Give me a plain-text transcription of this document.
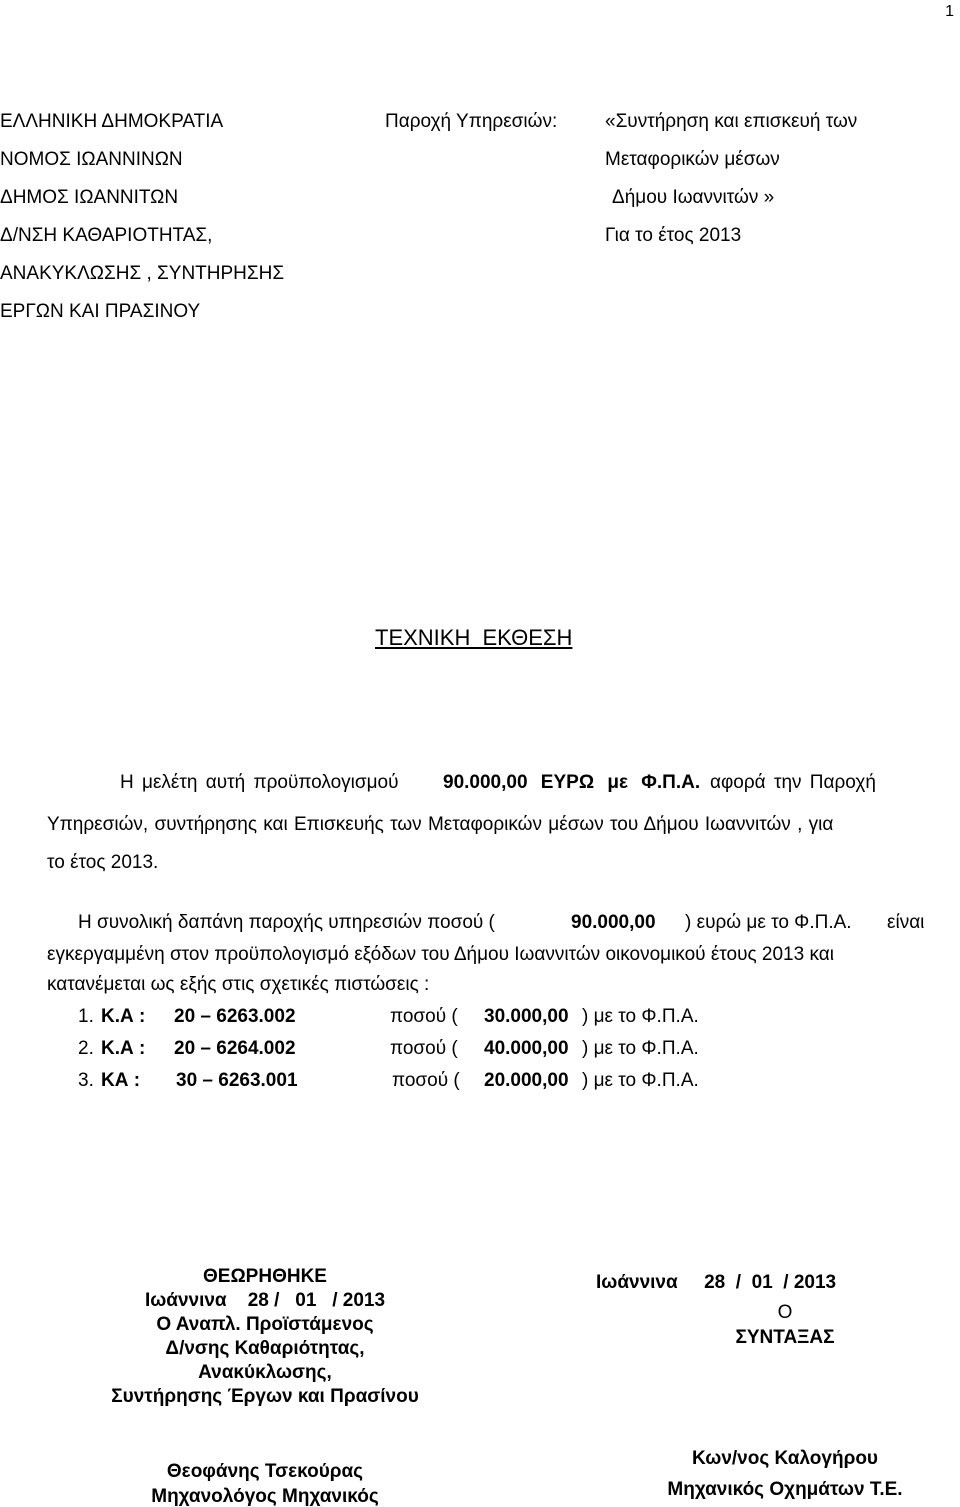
1
ΕΛΛΗΝΙΚΗ ΔΗΜΟΚΡΑΤΙΑ
ΝΟΜΟΣ ΙΩΑΝΝΙΝΩΝ
ΔΗΜΟΣ ΙΩΑΝΝΙΤΩΝ
Δ/ΝΣΗ ΚΑΘΑΡΙΟΤΗΤΑΣ,
ΑΝΑΚΥΚΛΩΣΗΣ , ΣΥΝΤΗΡΗΣΗΣ
ΕΡΓΩΝ ΚΑΙ ΠΡΑΣΙΝΟΥ
Παροχή Υπηρεσιών:	«Συντήρηση και επισκευή των
Μεταφορικών μέσων
Δήμου Ιωαννιτών »
Για το έτος 2013
ΤΕΧΝΙΚΗ ΕΚΘΕΣΗ
Η μελέτη αυτή προϋπολογισμού 90.000,00 ΕΥΡΩ με Φ.Π.Α. αφορά την Παροχή
Υπηρεσιών, συντήρησης και Επισκευής των Μεταφορικών μέσων του Δήμου Ιωαννιτών , για
το έτος 2013.
Η συνολική δαπάνη παροχής υπηρεσιών ποσού (	90.000,00 ) ευρώ με το Φ.Π.Α. είναι
εγκεργαμμένη στον προϋπολογισμό εξόδων του Δήμου Ιωαννιτών οικονομικού έτους 2013 και
κατανέμεται ως εξής στις σχετικές πιστώσεις :
1. Κ.Α : 20 – 6263.002	ποσού ( 30.000,00 ) με το Φ.Π.Α.
2. Κ.Α : 20 – 6264.002	ποσού ( 40.000,00 ) με το Φ.Π.Α.
3. ΚΑ : 30 – 6263.001	ποσού ( 20.000,00 ) με το Φ.Π.Α.
ΘΕΩΡΗΘΗΚΕ
Ιωάννινα    28 /   01   / 2013
Ο Αναπλ. Προϊστάμενος
Δ/νσης Καθαριότητας,
Ανακύκλωσης,
Συντήρησης Έργων και Πρασίνου
Θεοφάνης Τσεκούρας
Μηχανολόγος Μηχανικός
Ιωάννινα     28  /  01  / 2013
Ο
ΣΥΝΤΑΞΑΣ
Κων/νος Καλογήρου
Μηχανικός Οχημάτων Τ.Ε.
